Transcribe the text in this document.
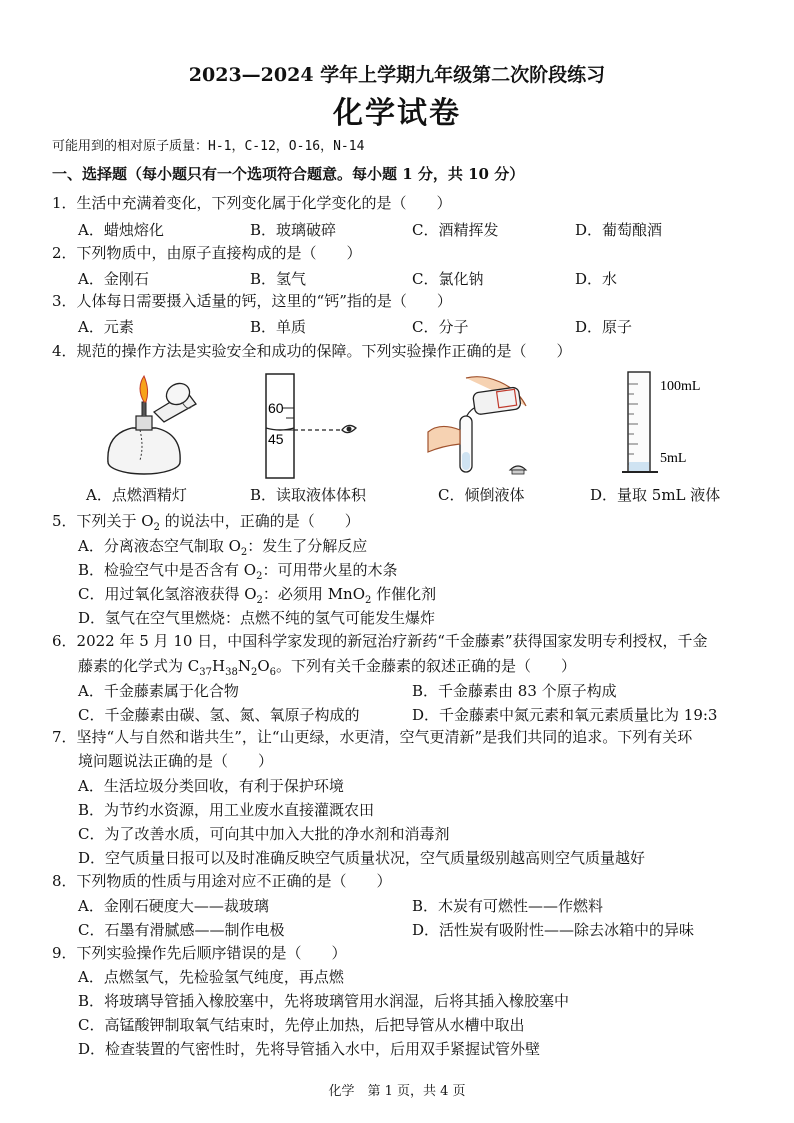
2023—2024 学年上学期九年级第二次阶段练习
化学试卷
可能用到的相对原子质量：H-1，C-12，O-16，N-14
一、选择题（每小题只有一个选项符合题意。每小题 1 分，共 10 分）
1．生活中充满着变化，下列变化属于化学变化的是（　　）
A．蜡烛熔化	B．玻璃破碎	C．酒精挥发	D．葡萄酿酒
2．下列物质中，由原子直接构成的是（　　）
A．金刚石	B．氢气	C．氯化钠	D．水
3．人体每日需要摄入适量的钙，这里的“钙”指的是（　　）
A．元素	B．单质	C．分子	D．原子
4．规范的操作方法是实验安全和成功的保障。下列实验操作正确的是（　　）
60
45
100mL
5mL
A．点燃酒精灯	B．读取液体体积	C．倾倒液体	D．量取 5mL 液体
5．下列关于 $O_2$ 的说法中，正确的是（　　）
A．分离液态空气制取 $O_2$：发生了分解反应
B．检验空气中是否含有 $O_2$：可用带火星的木条
C．用过氧化氢溶液获得 $O_2$：必须用 MnO$_2$ 作催化剂
D．氢气在空气里燃烧：点燃不纯的氢气可能发生爆炸
6．2022 年 5 月 10 日，中国科学家发现的新冠治疗新药“千金藤素”获得国家发明专利授权，千金
藤素的化学式为 $C_{37}H_{38}N_2O_6$。下列有关千金藤素的叙述正确的是（　　）
A．千金藤素属于化合物	B．千金藤素由 83 个原子构成
C．千金藤素由碳、氢、氮、氧原子构成的	D．千金藤素中氮元素和氧元素质量比为 19:3
7．坚持“人与自然和谐共生”，让“山更绿，水更清，空气更清新”是我们共同的追求。下列有关环
境问题说法正确的是（　　）
A．生活垃圾分类回收，有利于保护环境
B．为节约水资源，用工业废水直接灌溉农田
C．为了改善水质，可向其中加入大批的净水剂和消毒剂
D．空气质量日报可以及时准确反映空气质量状况，空气质量级别越高则空气质量越好
8．下列物质的性质与用途对应不正确的是（　　）
A．金刚石硬度大——裁玻璃	B．木炭有可燃性——作燃料
C．石墨有滑腻感——制作电极	D．活性炭有吸附性——除去冰箱中的异味
9．下列实验操作先后顺序错误的是（　　）
A．点燃氢气，先检验氢气纯度，再点燃
B．将玻璃导管插入橡胶塞中，先将玻璃管用水润湿，后将其插入橡胶塞中
C．高锰酸钾制取氧气结束时，先停止加热，后把导管从水槽中取出
D．检查装置的气密性时，先将导管插入水中，后用双手紧握试管外壁
化学　第 1 页，共 4 页
